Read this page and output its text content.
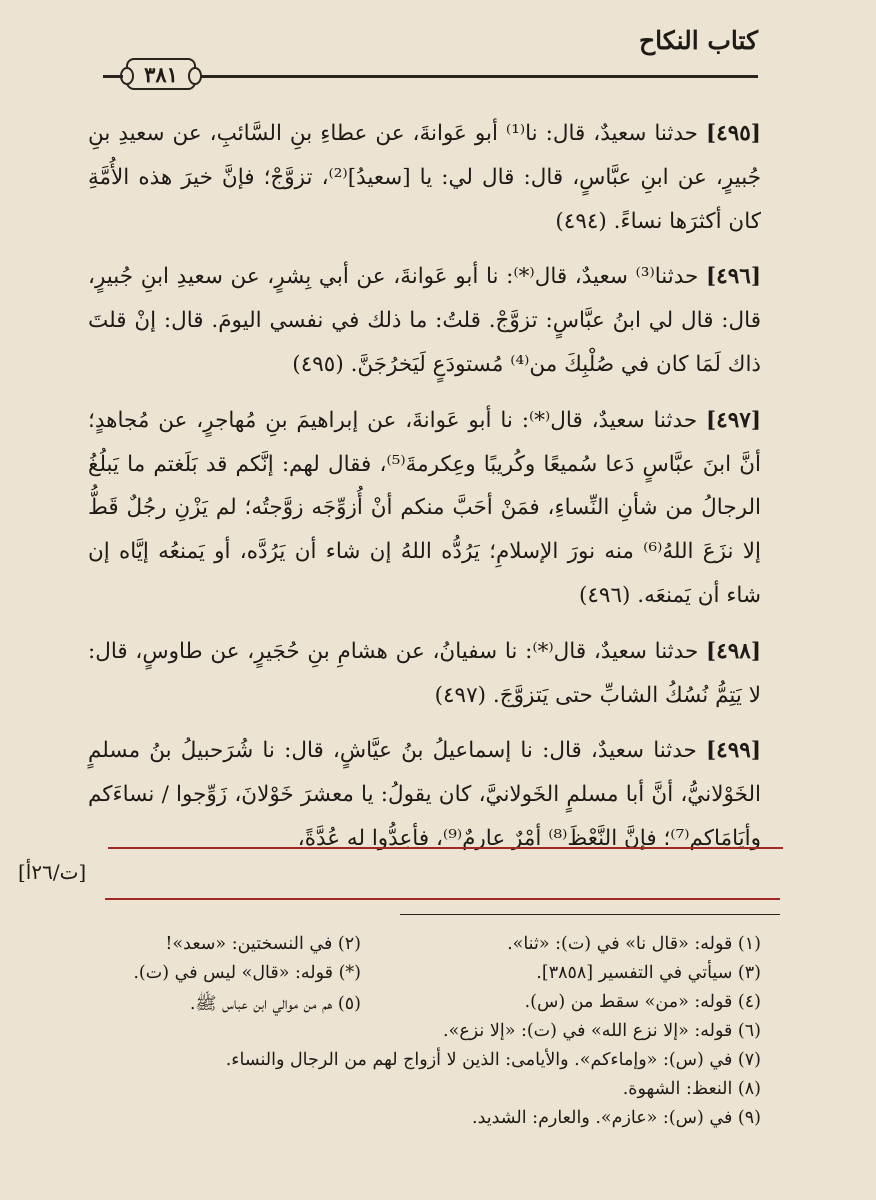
كتاب النكاح
٣٨١

[٤٩٥] حدثنا سعيدٌ، قال: نا⁽¹⁾ أبو عَوانةَ، عن عطاءِ بنِ السَّائبِ، عن سعيدِ بنِ جُبيرٍ، عن ابنِ عبَّاسٍ، قال: قال لي: يا [سعيدُ]⁽²⁾، تزوَّجْ؛ فإنَّ خيرَ هذه الأُمَّةِ كان أكثرَها نساءً. (٤٩٤)

[٤٩٦] حدثنا⁽³⁾ سعيدٌ، قال⁽*⁾: نا أبو عَوانةَ، عن أبي بِشرٍ، عن سعيدِ ابنِ جُبيرٍ، قال: قال لي ابنُ عبَّاسٍ: تزوَّجْ. قلتُ: ما ذلك في نفسي اليومَ. قال: إنْ قلتَ ذاك لَمَا كان في صُلْبِكَ من⁽⁴⁾ مُستودَعٍ لَيَخرُجَنَّ. (٤٩٥)

[٤٩٧] حدثنا سعيدٌ، قال⁽*⁾: نا أبو عَوانةَ، عن إبراهيمَ بنِ مُهاجرٍ، عن مُجاهدٍ؛ أنَّ ابنَ عبَّاسٍ دَعا سُميعًا وكُريبًا وعِكرمةَ⁽⁵⁾، فقال لهم: إنَّكم قد بَلَغتم ما يَبلُغُ الرجالُ من شأنِ النِّساءِ، فمَنْ أحَبَّ منكم أنْ أُزوِّجَه زوَّجتُه؛ لم يَزْنِ رجُلٌ قَطُّ إلا نزَعَ اللهُ⁽⁶⁾ منه نورَ الإسلامِ؛ يَرُدُّه اللهُ إن شاء أن يَرُدَّه، أو يَمنعُه إيَّاه إن شاء أن يَمنعَه. (٤٩٦)

[٤٩٨] حدثنا سعيدٌ، قال⁽*⁾: نا سفيانُ، عن هشامِ بنِ حُجَيرٍ، عن طاوسٍ، قال: لا يَتِمُّ نُسُكُ الشابِّ حتى يَتزوَّجَ. (٤٩٧)

[٤٩٩] حدثنا سعيدٌ، قال: نا إسماعيلُ بنُ عيَّاشٍ، قال: نا شُرَحبيلُ بنُ مسلمٍ الخَوْلانيُّ، أنَّ أبا مسلمٍ الخَولانيَّ، كان يقولُ: يا معشرَ خَوْلانَ، زَوِّجوا / نساءَكم وأيَامَاكم⁽⁷⁾؛ فإنَّ النَّعْظَ⁽⁸⁾ أمْرٌ عارمٌ⁽⁹⁾، فأعِدُّوا له عُدَّةً،

[ت/٢٦أ]
(١) قوله: «قال نا» في (ت): «ثنا».
(٢) في النسختين: «سعد»!
(٣) سيأتي في التفسير [٣٨٥٨].
(*) قوله: «قال» ليس في (ت).
(٤) قوله: «من» سقط من (س).
(٥) هم من موالي ابن عباس ﷺ.
(٦) قوله: «إلا نزع الله» في (ت): «إلا نزع».
(٧) في (س): «وإماءكم». والأيامى: الذين لا أزواج لهم من الرجال والنساء.
(٨) النعظ: الشهوة.
(٩) في (س): «عازم». والعارم: الشديد.
